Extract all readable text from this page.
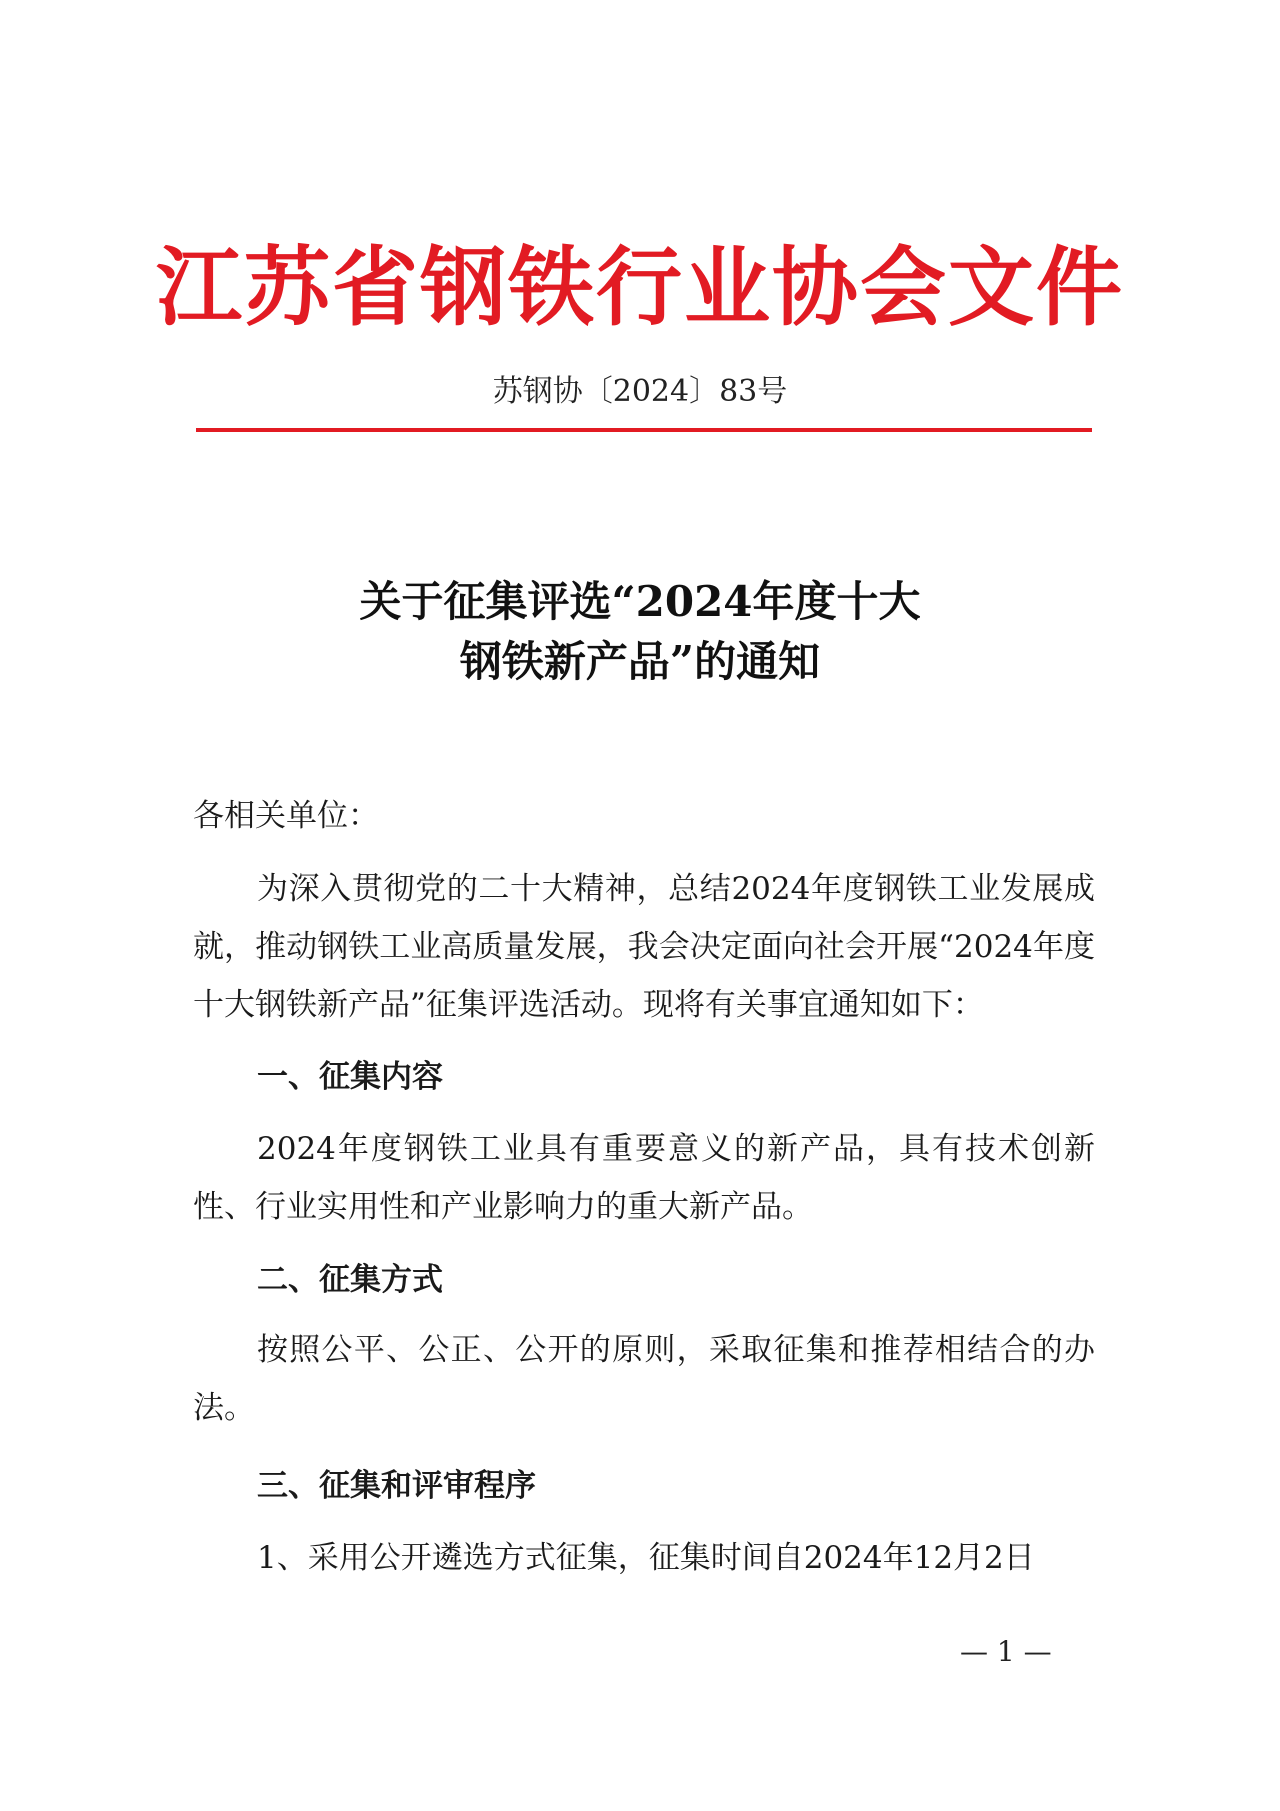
江苏省钢铁行业协会文件
苏钢协〔2024〕83号
关于征集评选“2024年度十大
钢铁新产品”的通知
各相关单位：
为深入贯彻党的二十大精神，总结2024年度钢铁工业发展成就，推动钢铁工业高质量发展，我会决定面向社会开展“2024年度十大钢铁新产品”征集评选活动。现将有关事宜通知如下：
一、征集内容
2024年度钢铁工业具有重要意义的新产品，具有技术创新性、行业实用性和产业影响力的重大新产品。
二、征集方式
按照公平、公正、公开的原则，采取征集和推荐相结合的办法。
三、征集和评审程序
1、采用公开遴选方式征集，征集时间自2024年12月2日
— 1 —
